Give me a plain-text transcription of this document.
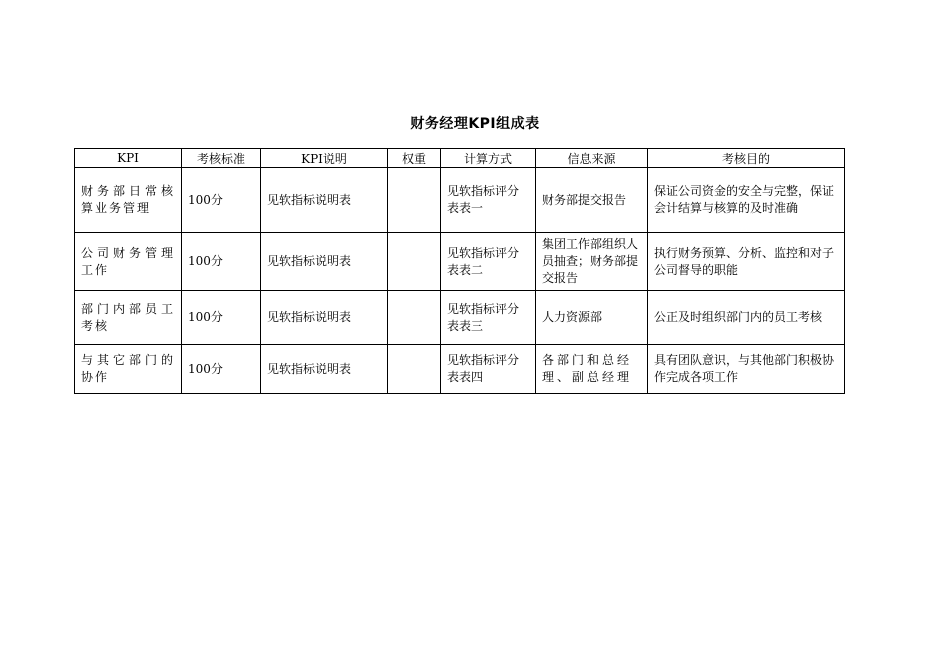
财务经理KPI组成表
KPI	考核标准	KPI说明	权重	计算方式	信息来源	考核目的
财务部日常核算业务管理	100分	见软指标说明表		见软指标评分表表一	财务部提交报告	保证公司资金的安全与完整，保证会计结算与核算的及时准确
公司财务管理工作	100分	见软指标说明表		见软指标评分表表二	集团工作部组织人员抽查；财务部提交报告	执行财务预算、分析、监控和对子公司督导的职能
部门内部员工考核	100分	见软指标说明表		见软指标评分表表三	人力资源部	公正及时组织部门内的员工考核
与其它部门的协作	100分	见软指标说明表		见软指标评分表表四	各部门和总经理、副总经理	具有团队意识，与其他部门积极协作完成各项工作
